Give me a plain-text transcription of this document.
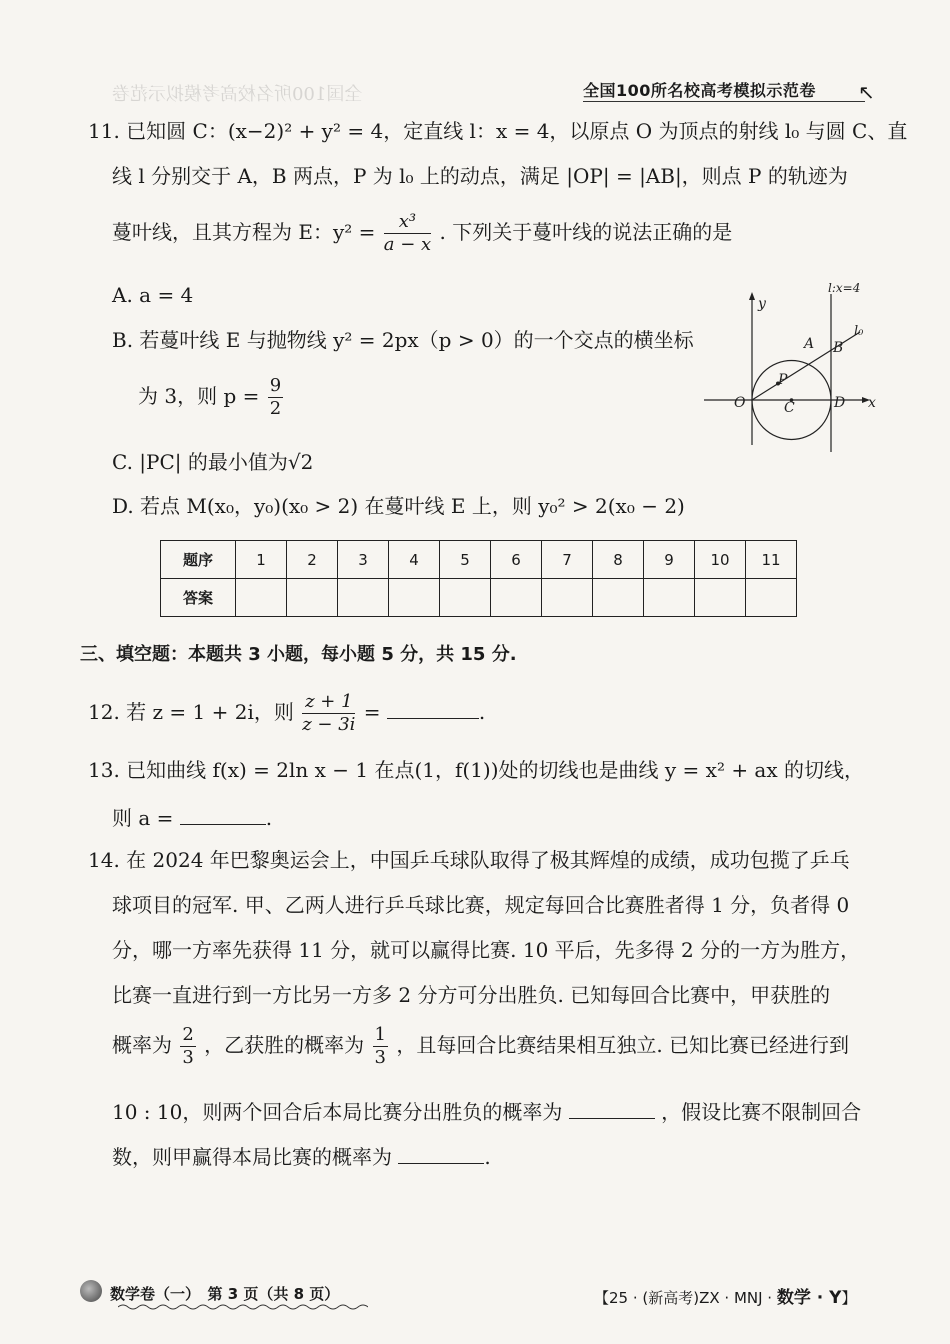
全国100所名校高考模拟示范卷	全国100所名校高考模拟示范卷 ↖
11. 已知圆 C：(x−2)² + y² = 4，定直线 l：x = 4，以原点 O 为顶点的射线 l₀ 与圆 C、直
线 l 分别交于 A，B 两点，P 为 l₀ 上的动点，满足 |OP| = |AB|，则点 P 的轨迹为
蔓叶线，且其方程为 E：$y^2 = \frac{\text{x³}}{a - x}$ . 下列关于蔓叶线的说法正确的是
A. a = 4
B. 若蔓叶线 E 与抛物线 y² = 2px（p > 0）的一个交点的横坐标
为 3，则 $p = \frac{9}{2}$
C. |PC| 的最小值为√2
D. 若点 M(x₀，y₀)(x₀ > 2) 在蔓叶线 E 上，则 y₀² > 2(x₀ − 2)
l:x=4
y
x
l₀
A B
P
O	C	D
题序	1	2	3	4	5	6	7	8	9	10	11
答案											
三、填空题：本题共 3 小题，每小题 5 分，共 15 分.
12. 若 z = 1 + 2i，则 $\frac{z + 1}{z - 3i}$ =	.
13. 已知曲线 f(x) = 2ln x − 1 在点(1，f(1))处的切线也是曲线 y = x² + ax 的切线，
则 a =	.
14. 在 2024 年巴黎奥运会上，中国乒乓球队取得了极其辉煌的成绩，成功包揽了乒乓
球项目的冠军. 甲、乙两人进行乒乓球比赛，规定每回合比赛胜者得 1 分，负者得 0
分，哪一方率先获得 11 分，就可以赢得比赛. 10 平后，先多得 2 分的一方为胜方，
比赛一直进行到一方比另一方多 2 分方可分出胜负. 已知每回合比赛中，甲获胜的
概率为 $\frac{2}{3}$ ，乙获胜的概率为 $\frac{1}{3}$ ，且每回合比赛结果相互独立. 已知比赛已经进行到
10 : 10，则两个回合后本局比赛分出胜负的概率为	，假设比赛不限制回合
数，则甲赢得本局比赛的概率为	.
数学卷（一）　第 3 页（共 8 页）	【25 · (新高考)ZX · MNJ · 数学 · Y】
